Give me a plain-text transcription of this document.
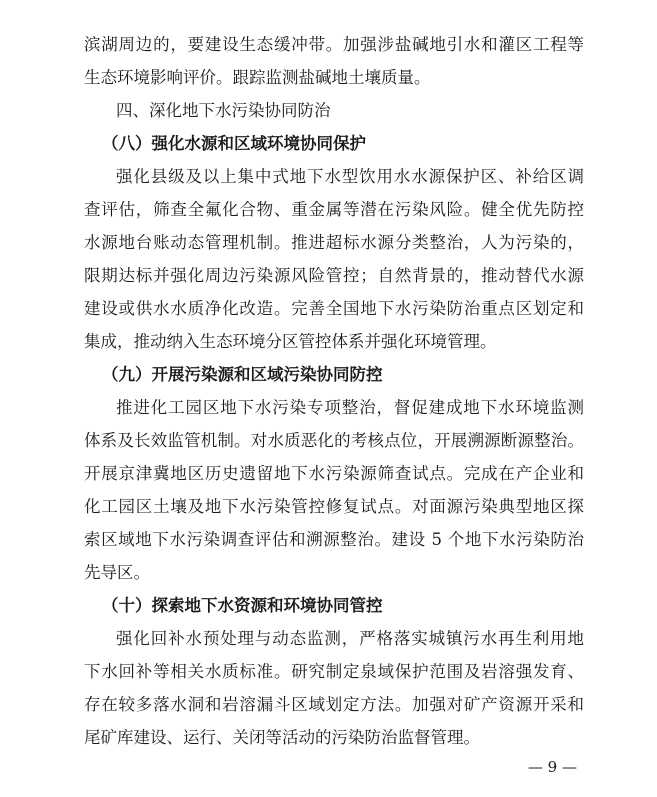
滨湖周边的，要建设生态缓冲带。加强涉盐碱地引水和灌区工程等
生态环境影响评价。跟踪监测盐碱地土壤质量。
四、深化地下水污染协同防治
（八）强化水源和区域环境协同保护
强化县级及以上集中式地下水型饮用水水源保护区、补给区调
查评估，筛查全氟化合物、重金属等潜在污染风险。健全优先防控
水源地台账动态管理机制。推进超标水源分类整治，人为污染的，
限期达标并强化周边污染源风险管控；自然背景的，推动替代水源
建设或供水水质净化改造。完善全国地下水污染防治重点区划定和
集成，推动纳入生态环境分区管控体系并强化环境管理。
（九）开展污染源和区域污染协同防控
推进化工园区地下水污染专项整治，督促建成地下水环境监测
体系及长效监管机制。对水质恶化的考核点位，开展溯源断源整治。
开展京津冀地区历史遗留地下水污染源筛查试点。完成在产企业和
化工园区土壤及地下水污染管控修复试点。对面源污染典型地区探
索区域地下水污染调查评估和溯源整治。建设 5 个地下水污染防治
先导区。
（十）探索地下水资源和环境协同管控
强化回补水预处理与动态监测，严格落实城镇污水再生利用地
下水回补等相关水质标准。研究制定泉域保护范围及岩溶强发育、
存在较多落水洞和岩溶漏斗区域划定方法。加强对矿产资源开采和
尾矿库建设、运行、关闭等活动的污染防治监督管理。
— 9 —
